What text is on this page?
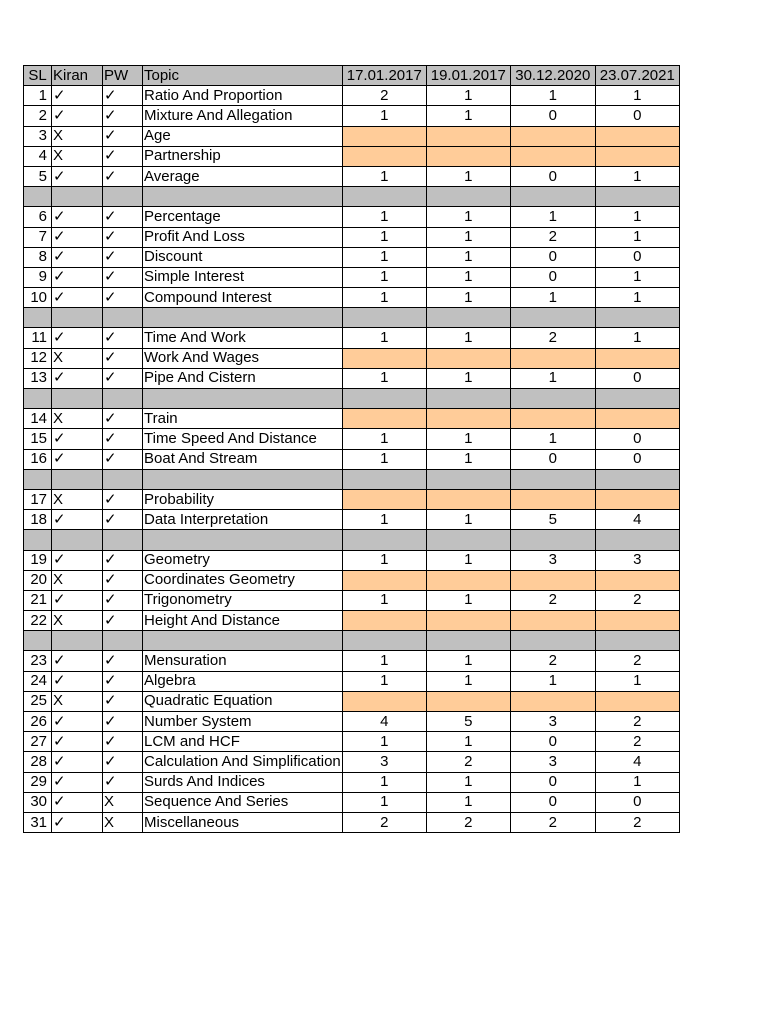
SL	Kiran	PW	Topic	17.01.2017	19.01.2017	30.12.2020	23.07.2021
1	✓	✓	Ratio And Proportion	2	1	1	1
2	✓	✓	Mixture And Allegation	1	1	0	0
3	X	✓	Age				
4	X	✓	Partnership				
5	✓	✓	Average	1	1	0	1

6	✓	✓	Percentage	1	1	1	1
7	✓	✓	Profit And Loss	1	1	2	1
8	✓	✓	Discount	1	1	0	0
9	✓	✓	Simple Interest	1	1	0	1
10	✓	✓	Compound Interest	1	1	1	1

11	✓	✓	Time And Work	1	1	2	1
12	X	✓	Work And Wages				
13	✓	✓	Pipe And Cistern	1	1	1	0

14	X	✓	Train				
15	✓	✓	Time Speed And Distance	1	1	1	0
16	✓	✓	Boat And Stream	1	1	0	0

17	X	✓	Probability				
18	✓	✓	Data Interpretation	1	1	5	4

19	✓	✓	Geometry	1	1	3	3
20	X	✓	Coordinates Geometry				
21	✓	✓	Trigonometry	1	1	2	2
22	X	✓	Height And Distance				

23	✓	✓	Mensuration	1	1	2	2
24	✓	✓	Algebra	1	1	1	1
25	X	✓	Quadratic Equation				
26	✓	✓	Number System	4	5	3	2
27	✓	✓	LCM and HCF	1	1	0	2
28	✓	✓	Calculation And Simplification	3	2	3	4
29	✓	✓	Surds And Indices	1	1	0	1
30	✓	X	Sequence And Series	1	1	0	0
31	✓	X	Miscellaneous	2	2	2	2
